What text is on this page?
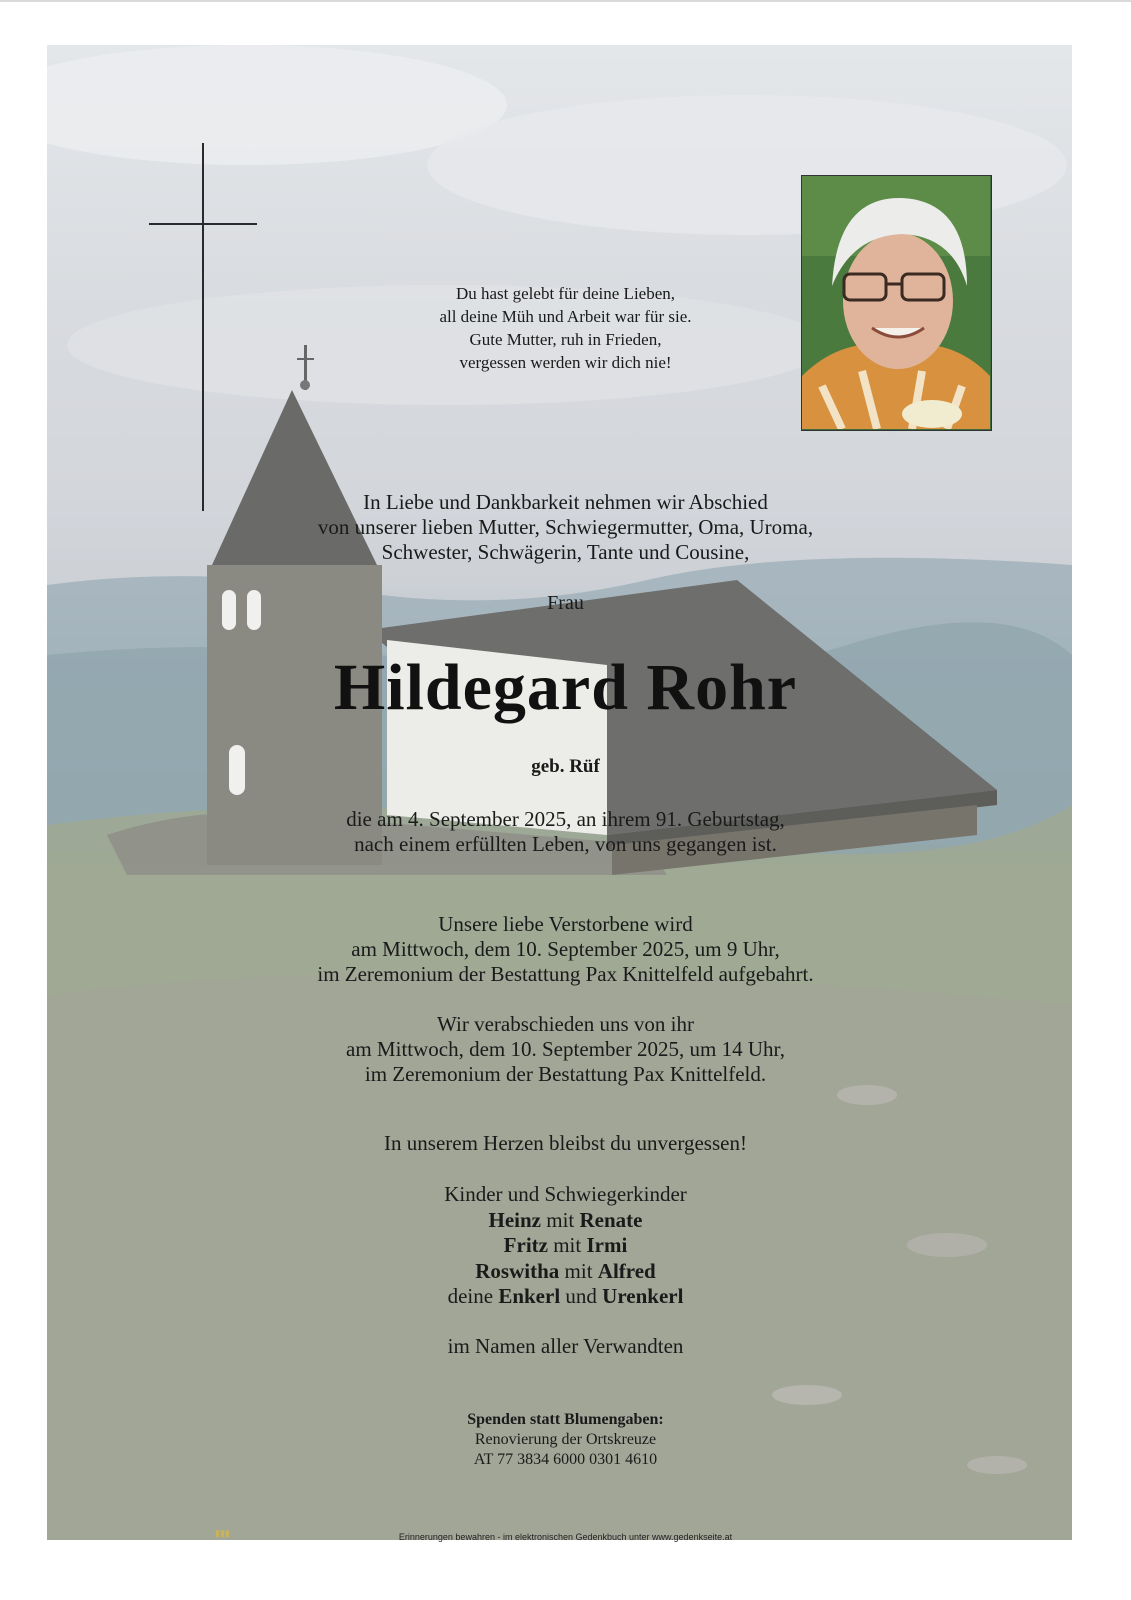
Du hast gelebt für deine Lieben,
all deine Müh und Arbeit war für sie.
Gute Mutter, ruh in Frieden,
vergessen werden wir dich nie!
In Liebe und Dankbarkeit nehmen wir Abschied
von unserer lieben Mutter, Schwiegermutter, Oma, Uroma,
Schwester, Schwägerin, Tante und Cousine,
Frau
Hildegard Rohr
geb. Rüf
die am 4. September 2025, an ihrem 91. Geburtstag,
nach einem erfüllten Leben, von uns gegangen ist.
Unsere liebe Verstorbene wird
am Mittwoch, dem 10. September 2025, um 9 Uhr,
im Zeremonium der Bestattung Pax Knittelfeld aufgebahrt.
Wir verabschieden uns von ihr
am Mittwoch, dem 10. September 2025, um 14 Uhr,
im Zeremonium der Bestattung Pax Knittelfeld.
In unserem Herzen bleibst du unvergessen!
Kinder und Schwiegerkinder
Heinz mit Renate
Fritz mit Irmi
Roswitha mit Alfred
deine Enkerl und Urenkerl
im Namen aller Verwandten
Spenden statt Blumengaben:
Renovierung der Ortskreuze
AT 77 3834 6000 0301 4610
▮▮▮	Erinnerungen bewahren - im elektronischen Gedenkbuch unter www.gedenkseite.at
